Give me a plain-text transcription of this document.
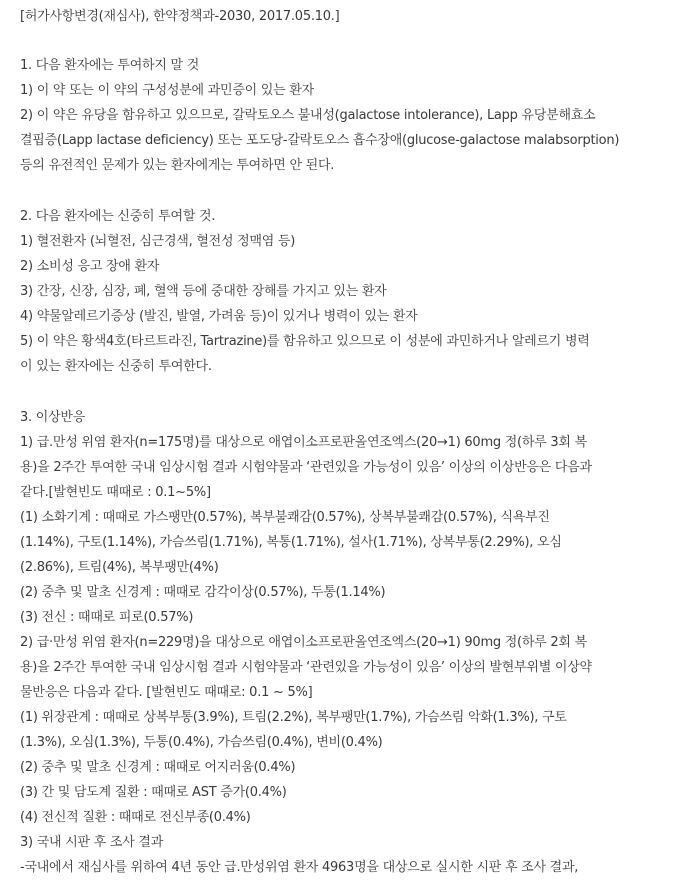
[허가사항변경(재심사), 한약정책과-2030, 2017.05.10.]
1. 다음 환자에는 투여하지 말 것
1) 이 약 또는 이 약의 구성성분에 과민증이 있는 환자
2) 이 약은 유당을 함유하고 있으므로, 갈락토오스 불내성(galactose intolerance), Lapp 유당분해효소
결핍증(Lapp lactase deficiency) 또는 포도당-갈락토오스 흡수장애(glucose-galactose malabsorption)
등의 유전적인 문제가 있는 환자에게는 투여하면 안 된다.
2. 다음 환자에는 신중히 투여할 것.
1) 혈전환자 (뇌혈전, 심근경색, 혈전성 정맥염 등)
2) 소비성 응고 장애 환자
3) 간장, 신장, 심장, 폐, 혈액 등에 중대한 장해를 가지고 있는 환자
4) 약물알레르기증상 (발진, 발열, 가려움 등)이 있거나 병력이 있는 환자
5) 이 약은 황색4호(타르트라진, Tartrazine)를 함유하고 있으므로 이 성분에 과민하거나 알레르기 병력
이 있는 환자에는 신중히 투여한다.
3. 이상반응
1) 급.만성 위염 환자(n=175명)를 대상으로 애엽이소프로판올연조엑스(20→1) 60mg 정(하루 3회 복
용)을 2주간 투여한 국내 임상시험 결과 시험약물과 ‘관련있을 가능성이 있음’ 이상의 이상반응은 다음과
같다.[발현빈도 때때로 : 0.1~5%]
(1) 소화기계 : 때때로 가스팽만(0.57%), 복부불쾌감(0.57%), 상복부불쾌감(0.57%), 식욕부진
(1.14%), 구토(1.14%), 가슴쓰림(1.71%), 복통(1.71%), 설사(1.71%), 상복부통(2.29%), 오심
(2.86%), 트림(4%), 복부팽만(4%)
(2) 중추 및 말초 신경계 : 때때로 감각이상(0.57%), 두통(1.14%)
(3) 전신 : 때때로 피로(0.57%)
2) 급·만성 위염 환자(n=229명)을 대상으로 애엽이소프로판올연조엑스(20→1) 90mg 정(하루 2회 복
용)을 2주간 투여한 국내 임상시험 결과 시험약물과 ‘관련있을 가능성이 있음’ 이상의 발현부위별 이상약
물반응은 다음과 같다. [발현빈도 때때로: 0.1 ~ 5%]
(1) 위장관계 : 때때로 상복부통(3.9%), 트림(2.2%), 복부팽만(1.7%), 가슴쓰림 악화(1.3%), 구토
(1.3%), 오심(1.3%), 두통(0.4%), 가슴쓰림(0.4%), 변비(0.4%)
(2) 중추 및 말초 신경계 : 때때로 어지러움(0.4%)
(3) 간 및 담도계 질환 : 때때로 AST 증가(0.4%)
(4) 전신적 질환 : 때때로 전신부종(0.4%)
3) 국내 시판 후 조사 결과
-국내에서 재심사를 위하여 4년 동안 급.만성위염 환자 4963명을 대상으로 실시한 시판 후 조사 결과,
